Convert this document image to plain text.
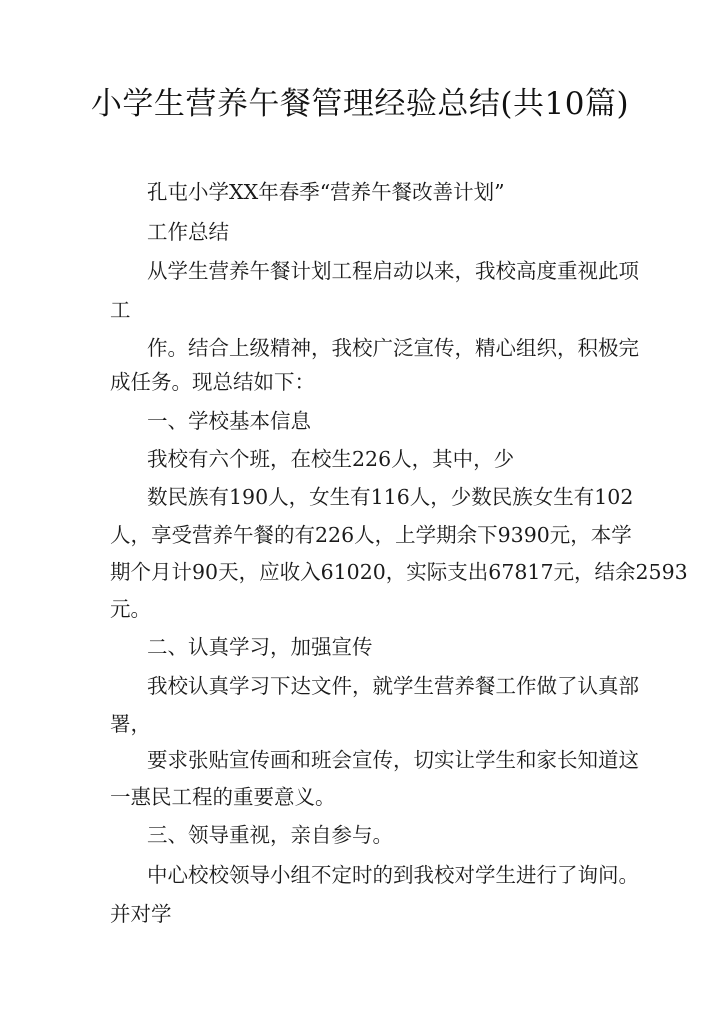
小学生营养午餐管理经验总结(共10篇)
孔屯小学XX年春季“营养午餐改善计划”
工作总结
从学生营养午餐计划工程启动以来，我校高度重视此项
工
作。结合上级精神，我校广泛宣传，精心组织，积极完
成任务。现总结如下：
一、学校基本信息
我校有六个班，在校生226人，其中，少
数民族有190人，女生有116人，少数民族女生有102
人，享受营养午餐的有226人，上学期余下9390元，本学
期个月计90天，应收入61020，实际支出67817元，结余2593
元。
二、认真学习，加强宣传
我校认真学习下达文件，就学生营养餐工作做了认真部
署，
要求张贴宣传画和班会宣传，切实让学生和家长知道这
一惠民工程的重要意义。
三、领导重视，亲自参与。
中心校校领导小组不定时的到我校对学生进行了询问。
并对学
